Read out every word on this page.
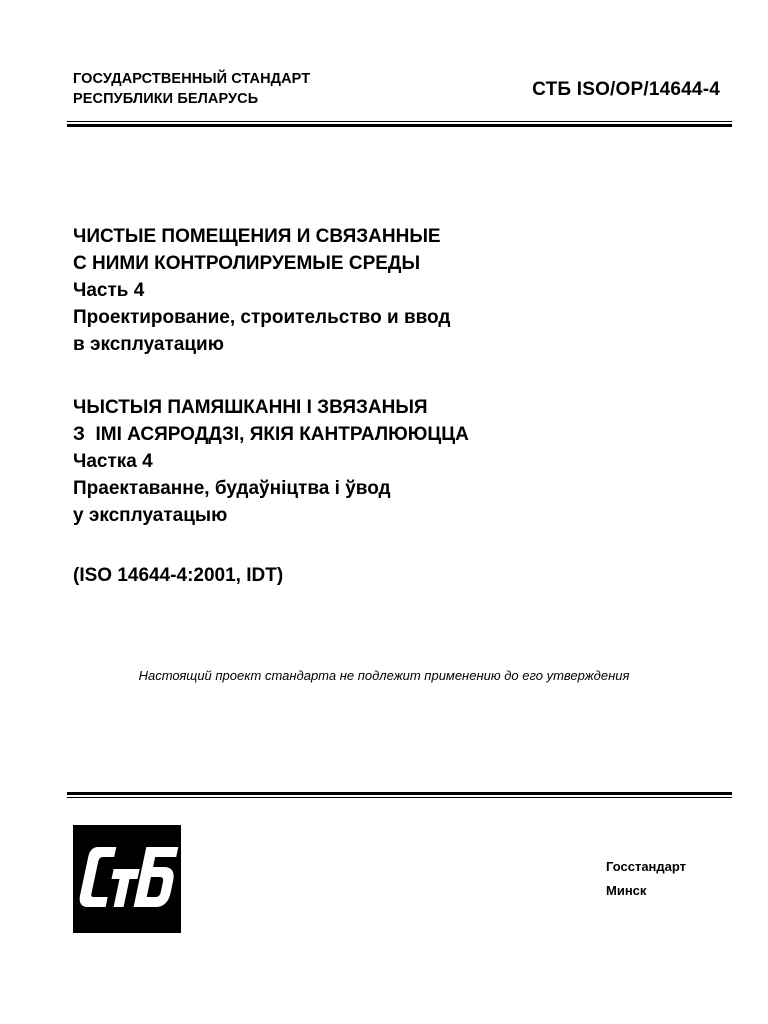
ГОСУДАРСТВЕННЫЙ СТАНДАРТ
РЕСПУБЛИКИ БЕЛАРУСЬ	СТБ ISO/OP/14644-4
ЧИСТЫЕ ПОМЕЩЕНИЯ И СВЯЗАННЫЕ
С НИМИ КОНТРОЛИРУЕМЫЕ СРЕДЫ
Часть 4
Проектирование, строительство и ввод
в эксплуатацию
ЧЫСТЫЯ ПАМЯШКАННІ І ЗВЯЗАНЫЯ
З  ІМІ АСЯРОДДЗІ, ЯКІЯ КАНТРАЛЮЮЦЦА
Частка 4
Праектаванне, будаўніцтва і ўвод
у эксплуатацыю
(ISO 14644-4:2001, IDT)
Настоящий проект стандарта не подлежит применению до его утверждения
Госстандарт
Минск
